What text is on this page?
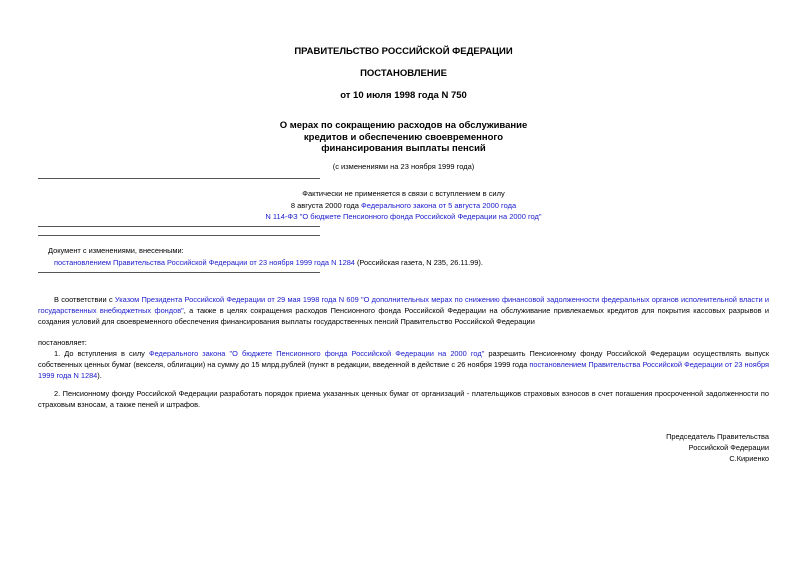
ПРАВИТЕЛЬСТВО РОССИЙСКОЙ ФЕДЕРАЦИИ
ПОСТАНОВЛЕНИЕ
от 10 июля 1998 года N 750
О мерах по сокращению расходов на обслуживание
кредитов и обеспечению своевременного
финансирования выплаты пенсий
(с изменениями на 23 ноября 1999 года)
Фактически не применяется в связи с вступлением в силу
8 августа 2000 года Федерального закона от 5 августа 2000 года
N 114-ФЗ "О бюджете Пенсионного фонда Российской Федерации на 2000 год"
Документ с изменениями, внесенными:
постановлением Правительства Российской Федерации от 23 ноября 1999 года N 1284 (Российская газета, N 235, 26.11.99).
В соответствии с Указом Президента Российской Федерации от 29 мая 1998 года N 609 "О дополнительных мерах по снижению финансовой задолженности федеральных органов исполнительной власти и государственных внебюджетных фондов", а также в целях сокращения расходов Пенсионного фонда Российской Федерации на обслуживание привлекаемых кредитов для покрытия кассовых разрывов и создания условий для своевременного обеспечения финансирования выплаты государственных пенсий Правительство Российской Федерации
постановляет:
1. До вступления в силу Федерального закона "О бюджете Пенсионного фонда Российской Федерации на 2000 год" разрешить Пенсионному фонду Российской Федерации осуществлять выпуск собственных ценных бумаг (векселя, облигации) на сумму до 15 млрд.рублей (пункт в редакции, введенной в действие с 26 ноября 1999 года постановлением Правительства Российской Федерации от 23 ноября 1999 года N 1284).
2. Пенсионному фонду Российской Федерации разработать порядок приема указанных ценных бумаг от организаций - плательщиков страховых взносов в счет погашения просроченной задолженности по страховым взносам, а также пеней и штрафов.
Председатель Правительства
Российской Федерации
С.Кириенко
